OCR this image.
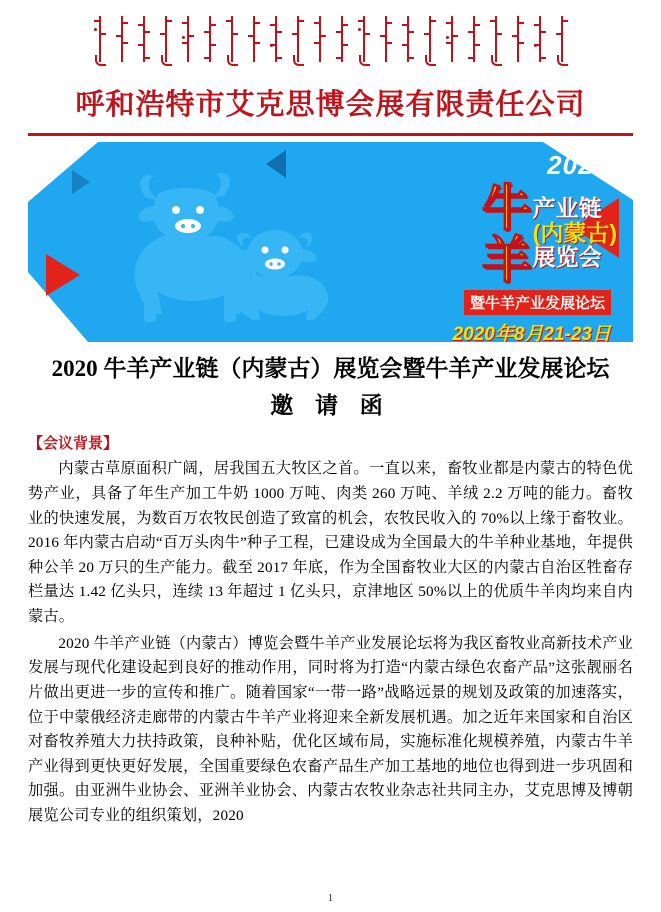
呼和浩特市艾克思博会展有限责任公司
2020
牛羊 产业链
(内蒙古)
展览会
暨牛羊产业发展论坛
2020年8月21-23日
2020 牛羊产业链（内蒙古）展览会暨牛羊产业发展论坛
邀 请 函
【会议背景】

内蒙古草原面积广阔，居我国五大牧区之首。一直以来，畜牧业都是内蒙古的特色优势产业，具备了年生产加工牛奶 1000 万吨、肉类 260 万吨、羊绒 2.2 万吨的能力。畜牧业的快速发展，为数百万农牧民创造了致富的机会，农牧民收入的 70%以上缘于畜牧业。2016 年内蒙古启动“百万头肉牛”种子工程，已建设成为全国最大的牛羊种业基地，年提供种公羊 20 万只的生产能力。截至 2017 年底，作为全国畜牧业大区的内蒙古自治区牲畜存栏量达 1.42 亿头只，连续 13 年超过 1 亿头只，京津地区 50%以上的优质牛羊肉均来自内蒙古。

2020 牛羊产业链（内蒙古）博览会暨牛羊产业发展论坛将为我区畜牧业高新技术产业发展与现代化建设起到良好的推动作用，同时将为打造“内蒙古绿色农畜产品”这张靓丽名片做出更进一步的宣传和推广。随着国家“一带一路”战略远景的规划及政策的加速落实，位于中蒙俄经济走廊带的内蒙古牛羊产业将迎来全新发展机遇。加之近年来国家和自治区对畜牧养殖大力扶持政策，良种补贴，优化区域布局，实施标准化规模养殖，内蒙古牛羊产业得到更快更好发展，全国重要绿色农畜产品生产加工基地的地位也得到进一步巩固和加强。由亚洲牛业协会、亚洲羊业协会、内蒙古农牧业杂志社共同主办，艾克思博及博朝展览公司专业的组织策划，2020

1
